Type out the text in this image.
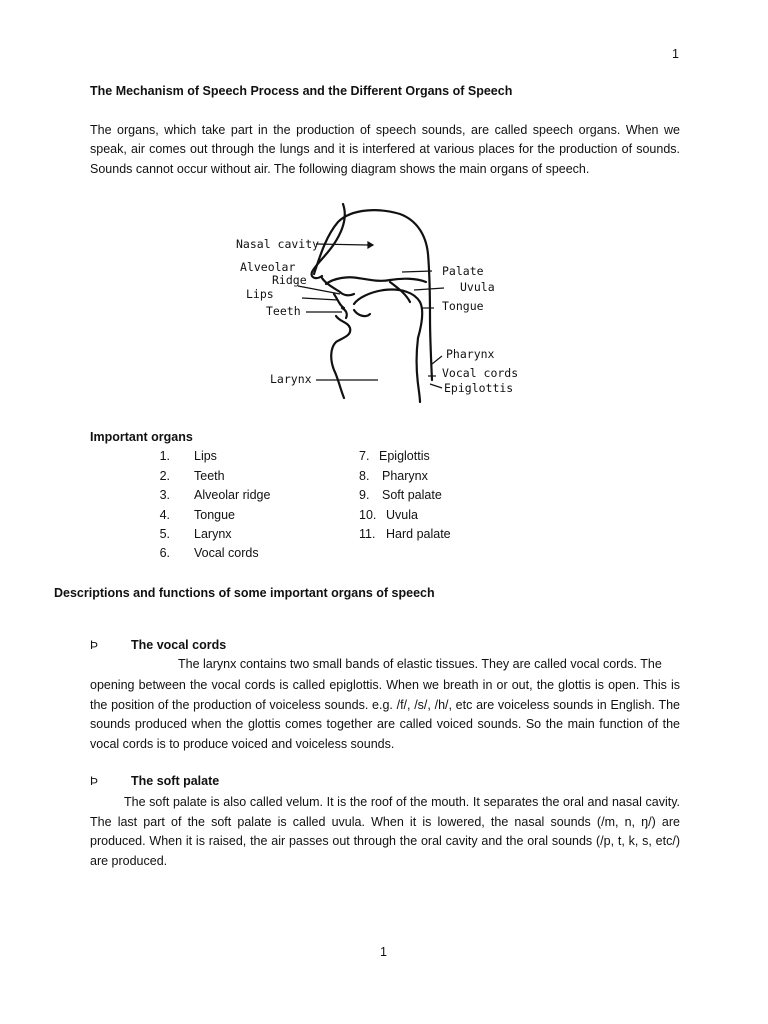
1
The Mechanism of Speech Process and the Different Organs of Speech
The organs, which take part in the production of speech sounds, are called speech organs. When we speak, air comes out through the lungs and it is interfered at various places for the production of sounds. Sounds cannot occur without air. The following diagram shows the main organs of speech.
Nasal cavity
Alveolar
Ridge
Lips
Teeth
Larynx
Palate
Uvula
Tongue
Pharynx
Vocal cords
Epiglottis
Important organs
1. Lips
2. Teeth
3. Alveolar ridge
4. Tongue
5. Larynx
6. Vocal cords
7. Epiglottis
8. Pharynx
9. Soft palate
10. Uvula
11. Hard palate
Descriptions and functions of some important organs of speech
Þ	The vocal cords
The larynx contains two small bands of elastic tissues. They are called vocal cords. The
opening between the vocal cords is called epiglottis. When we breath in or out, the glottis is open. This is the position of the production of voiceless sounds. e.g. /f/, /s/, /h/, etc are voiceless sounds in English. The sounds produced when the glottis comes together are called voiced sounds. So the main function of the vocal cords is to produce voiced and voiceless sounds.
Þ	The soft palate
The soft palate is also called velum. It is the roof of the mouth. It separates the oral and nasal cavity. The last part of the soft palate is called uvula. When it is lowered, the nasal sounds (/m, n, ŋ/) are produced. When it is raised, the air passes out through the oral cavity and the oral sounds (/p, t, k, s, etc/) are produced.
1
